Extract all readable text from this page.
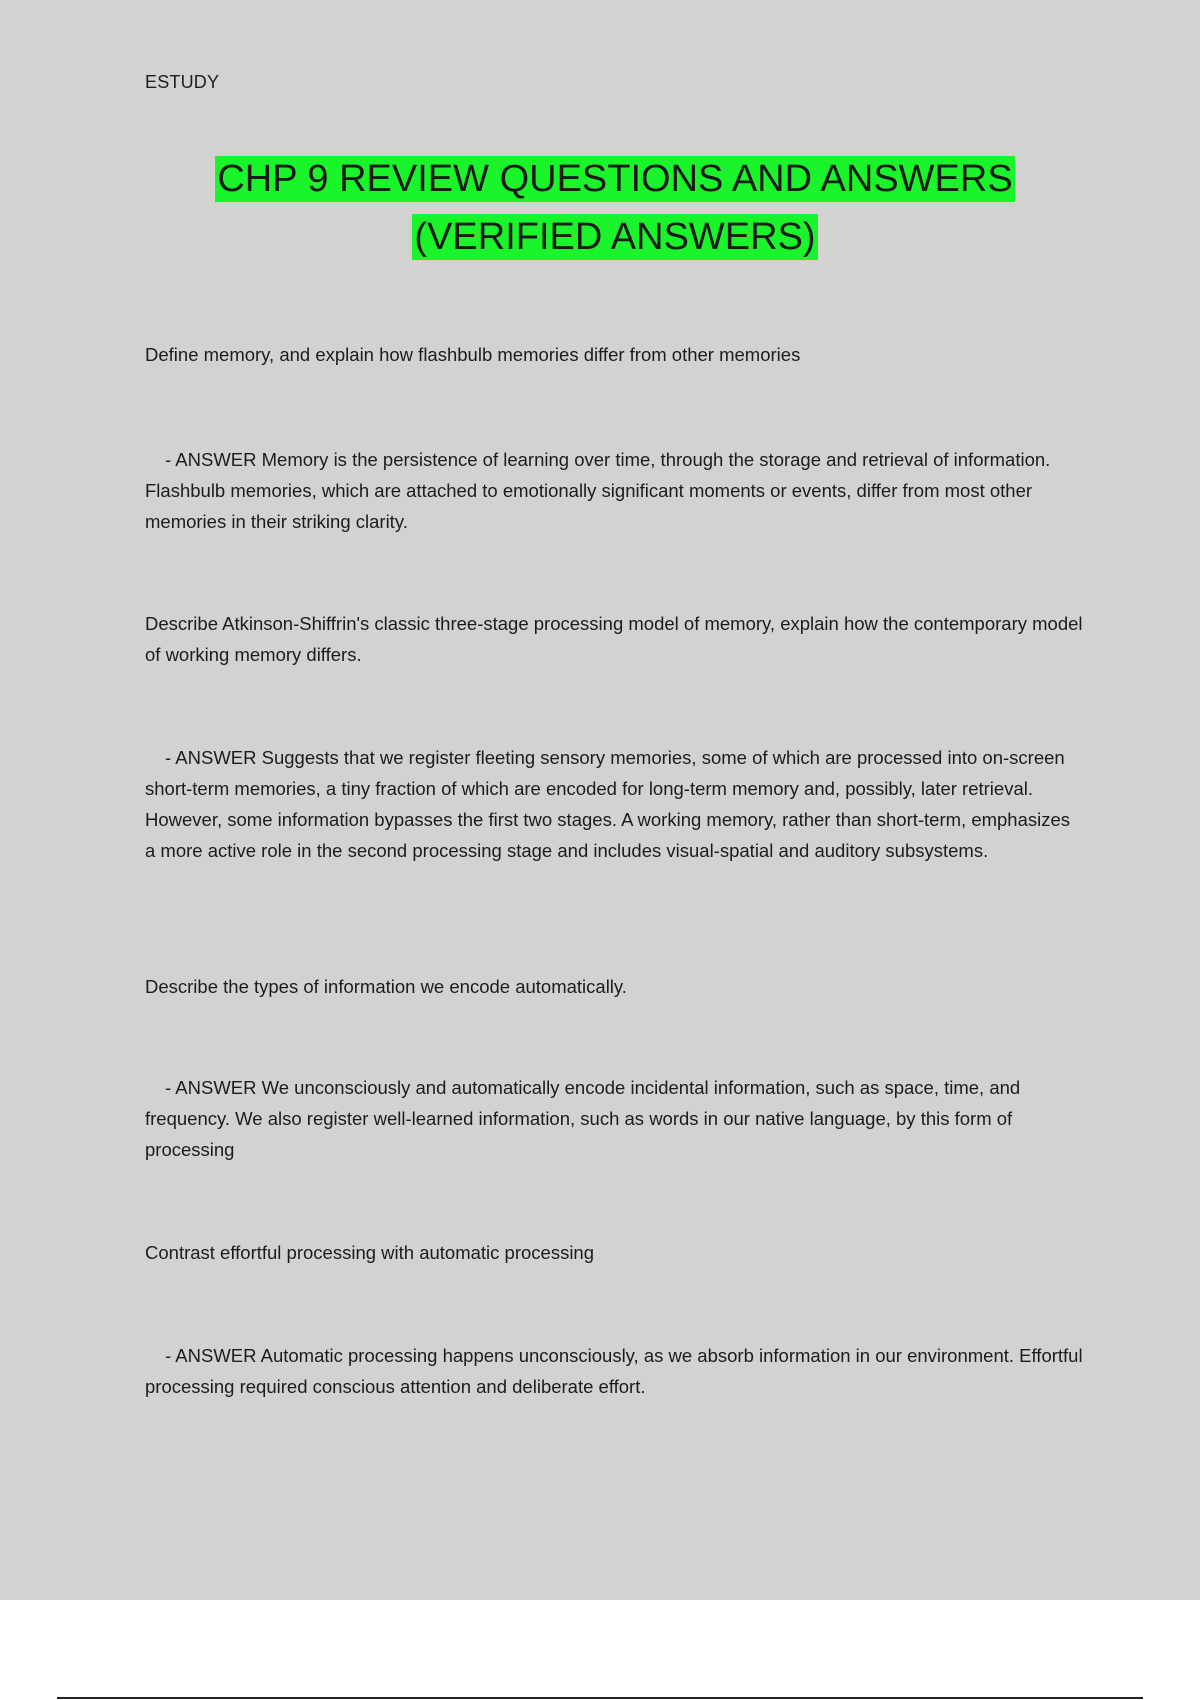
ESTUDY
CHP 9 REVIEW QUESTIONS AND ANSWERS (VERIFIED ANSWERS)

Define memory, and explain how flashbulb memories differ from other memories

- ANSWER Memory is the persistence of learning over time, through the storage and retrieval of information. Flashbulb memories, which are attached to emotionally significant moments or events, differ from most other memories in their striking clarity.

Describe Atkinson-Shiffrin's classic three-stage processing model of memory, explain how the contemporary model of working memory differs.

- ANSWER Suggests that we register fleeting sensory memories, some of which are processed into on-screen short-term memories, a tiny fraction of which are encoded for long-term memory and, possibly, later retrieval. However, some information bypasses the first two stages. A working memory, rather than short-term, emphasizes a more active role in the second processing stage and includes visual-spatial and auditory subsystems.

Describe the types of information we encode automatically.

- ANSWER We unconsciously and automatically encode incidental information, such as space, time, and frequency. We also register well-learned information, such as words in our native language, by this form of processing

Contrast effortful processing with automatic processing

- ANSWER Automatic processing happens unconsciously, as we absorb information in our environment. Effortful processing required conscious attention and deliberate effort.
